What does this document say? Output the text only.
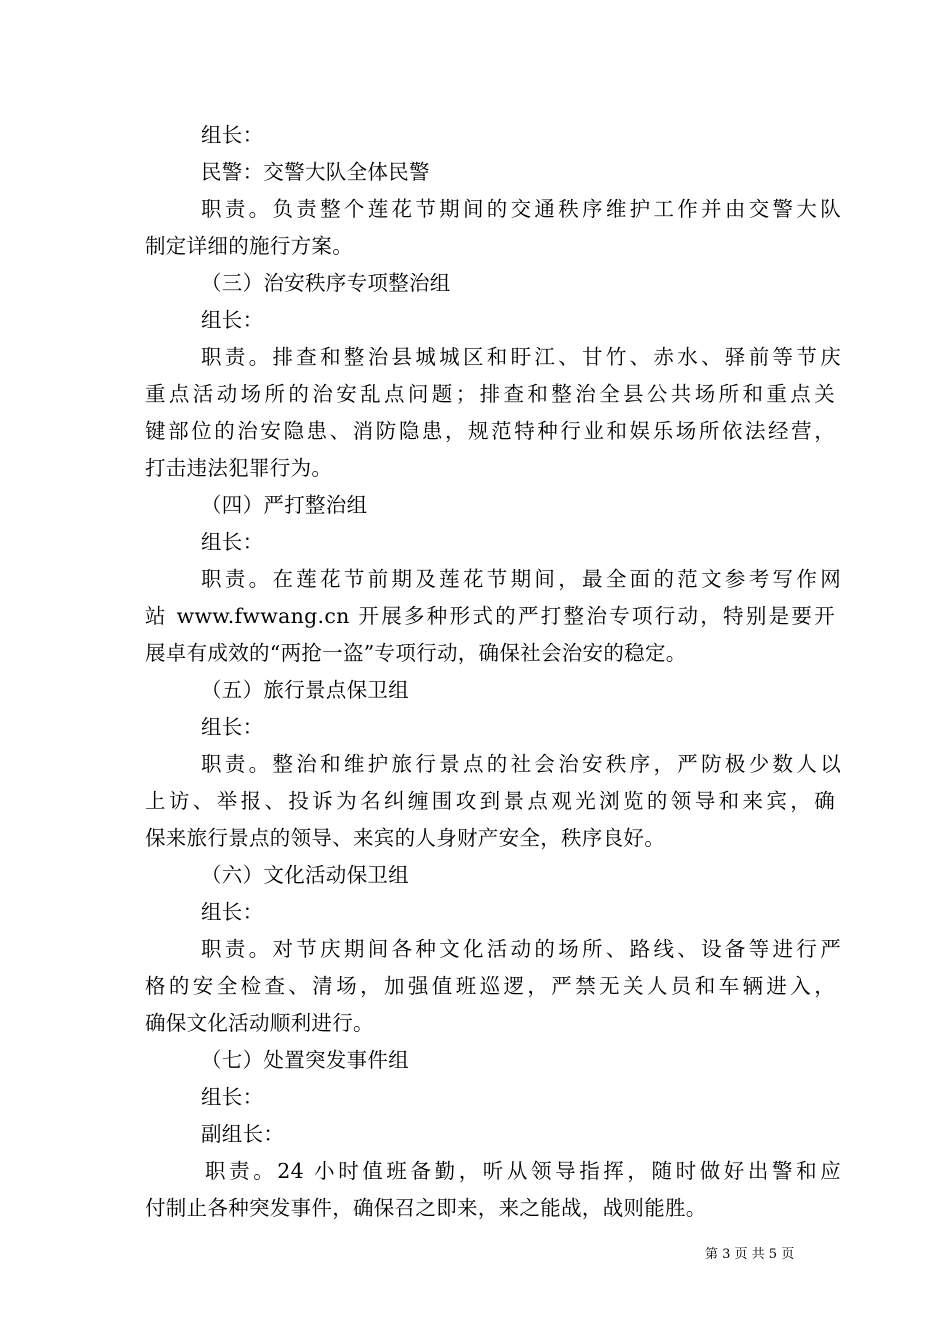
组长：
民警：交警大队全体民警
职责。负责整个莲花节期间的交通秩序维护工作并由交警大队
制定详细的施行方案。
（三）治安秩序专项整治组
组长：
职责。排查和整治县城城区和盱江、甘竹、赤水、驿前等节庆
重点活动场所的治安乱点问题；排查和整治全县公共场所和重点关
键部位的治安隐患、消防隐患，规范特种行业和娱乐场所依法经营，
打击违法犯罪行为。
（四）严打整治组
组长：
职责。在莲花节前期及莲花节期间，最全面的范文参考写作网
站 www.fwwang.cn 开展多种形式的严打整治专项行动，特别是要开
展卓有成效的“两抢一盗”专项行动，确保社会治安的稳定。
（五）旅行景点保卫组
组长：
职责。整治和维护旅行景点的社会治安秩序，严防极少数人以
上访、举报、投诉为名纠缠围攻到景点观光浏览的领导和来宾，确
保来旅行景点的领导、来宾的人身财产安全，秩序良好。
（六）文化活动保卫组
组长：
职责。对节庆期间各种文化活动的场所、路线、设备等进行严
格的安全检查、清场，加强值班巡逻，严禁无关人员和车辆进入，
确保文化活动顺利进行。
（七）处置突发事件组
组长：
副组长：
职责。24 小时值班备勤，听从领导指挥，随时做好出警和应
付制止各种突发事件，确保召之即来，来之能战，战则能胜。
第 3 页 共 5 页
